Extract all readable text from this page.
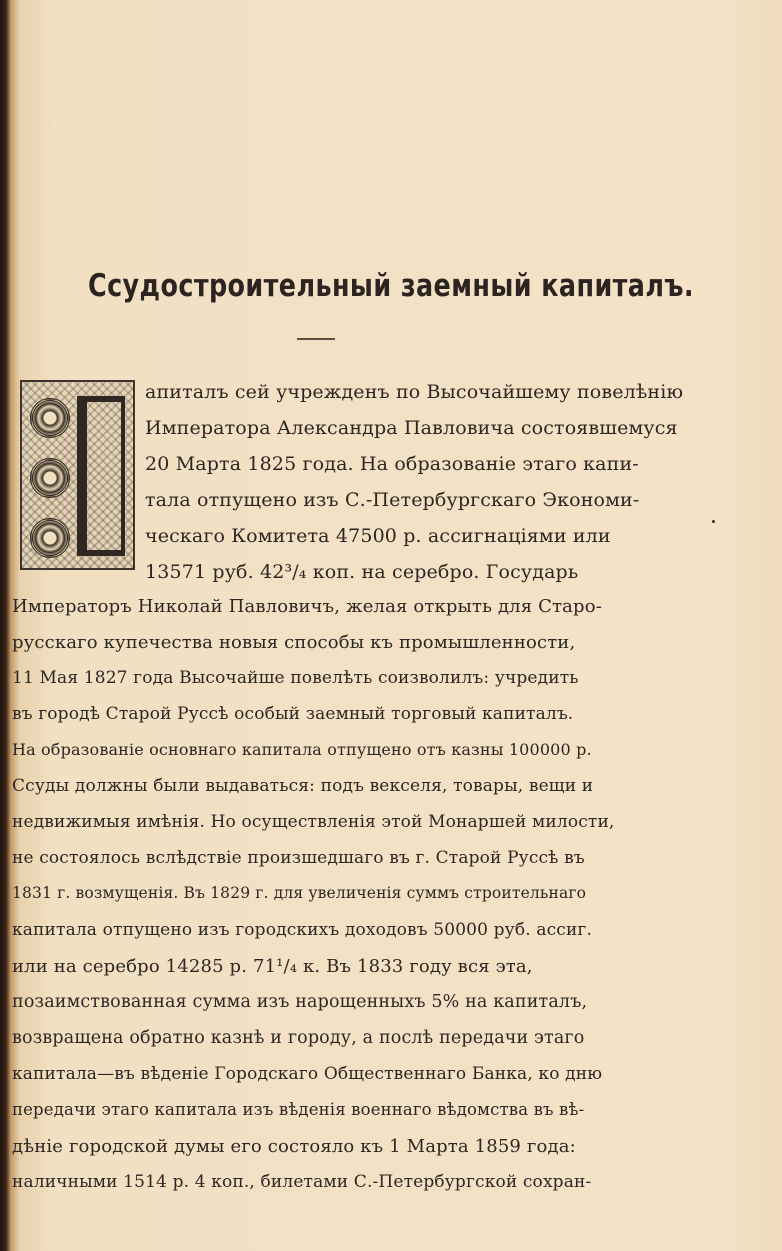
Ссудостроительный заемный капиталъ.
апиталъ сей учрежденъ по Высочайшему повелѣнію
Императора Александра Павловича состоявшемуся
20 Марта 1825 года. На образованіе этаго капи-
тала отпущено изъ С.-Петербургскаго Экономи-
ческаго Комитета 47500 р. ассигнаціями или
13571 руб. 42³/₄ коп. на серебро. Государь
Императоръ Николай Павловичъ, желая открыть для Старо-
русскаго купечества новыя способы къ промышленности,
11 Мая 1827 года Высочайше повелѣть соизволилъ: учредить
въ городѣ Старой Руссѣ особый заемный торговый капиталъ.
На образованіе основнаго капитала отпущено отъ казны 100000 р.
Ссуды должны были выдаваться: подъ векселя, товары, вещи и
недвижимыя имѣнія. Но осуществленія этой Монаршей милости,
не состоялось вслѣдствіе произшедшаго въ г. Старой Руссѣ въ
1831 г. возмущенія. Въ 1829 г. для увеличенія суммъ строительнаго
капитала отпущено изъ городскихъ доходовъ 50000 руб. ассиг.
или на серебро 14285 р. 71¹/₄ к. Въ 1833 году вся эта,
позаимствованная сумма изъ нарощенныхъ 5% на капиталъ,
возвращена обратно казнѣ и городу, а послѣ передачи этаго
капитала—въ вѣденіе Городскаго Общественнаго Банка, ко дню
передачи этаго капитала изъ вѣденія военнаго вѣдомства въ вѣ-
дѣніе городской думы его состояло къ 1 Марта 1859 года:
наличными 1514 р. 4 коп., билетами С.-Петербургской сохран-
